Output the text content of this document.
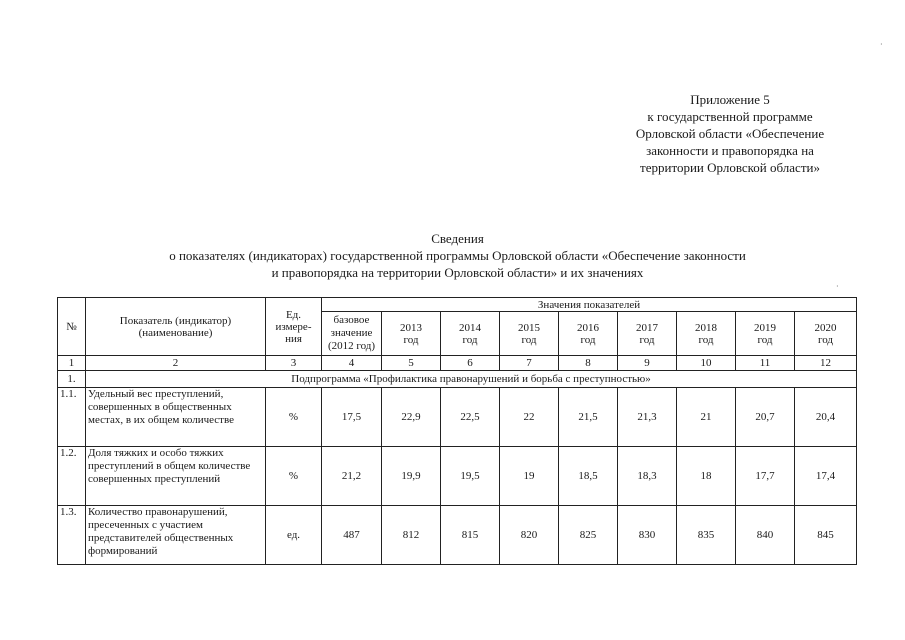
·
·
Приложение 5
к государственной программе
Орловской области «Обеспечение
законности и правопорядка на
территории Орловской области»
Сведения
о показателях (индикаторах) государственной программы Орловской области «Обеспечение законности
и правопорядка на территории Орловской области» и их значениях
№	Показатель (индикатор) (наименование)	Ед. измере-ния	Значения показателей								
			базовое значение (2012 год)	2013 год	2014 год	2015 год	2016 год	2017 год	2018 год	2019 год	2020 год
1	2	3	4	5	6	7	8	9	10	11	12
1.	Подпрограмма «Профилактика правонарушений и борьба с преступностью»										
1.1.	Удельный вес преступлений, совершенных в общественных местах, в их общем количестве	%	17,5	22,9	22,5	22	21,5	21,3	21	20,7	20,4
1.2.	Доля тяжких и особо тяжких преступлений в общем количестве совершенных преступлений	%	21,2	19,9	19,5	19	18,5	18,3	18	17,7	17,4
1.3.	Количество правонарушений, пресеченных с участием представителей общественных формирований	ед.	487	812	815	820	825	830	835	840	845
